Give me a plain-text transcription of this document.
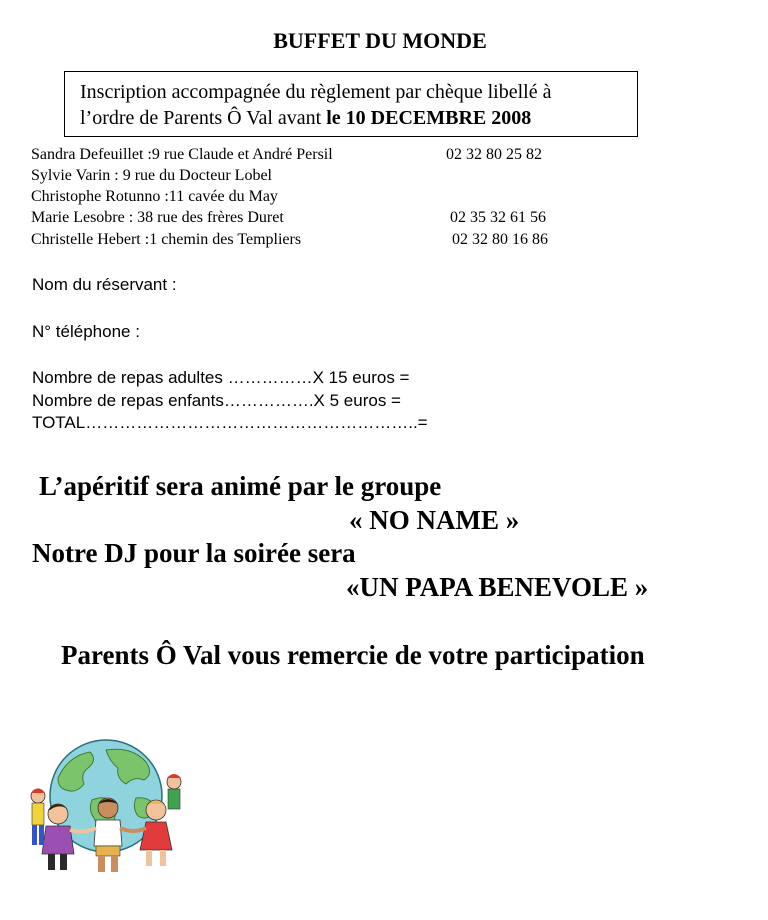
BUFFET DU MONDE
Inscription accompagnée du règlement par chèque libellé à
l’ordre de Parents Ô Val avant le 10 DECEMBRE 2008
Sandra Defeuillet :9 rue Claude et André Persil	02 32 80 25 82
Sylvie Varin : 9 rue du Docteur Lobel
Christophe Rotunno :11 cavée du May
Marie Lesobre : 38 rue des frères Duret	02 35 32 61 56
Christelle Hebert :1 chemin des Templiers	02 32 80 16 86
Nom du réservant :
N° téléphone :
Nombre de repas adultes ……………X 15 euros =
Nombre de repas enfants…………….X 5 euros =
TOTAL…………………………………………………..=
L’apéritif sera animé par le groupe
« NO NAME »
Notre DJ pour la soirée sera
«UN PAPA BENEVOLE »
Parents Ô Val vous remercie de votre participation
